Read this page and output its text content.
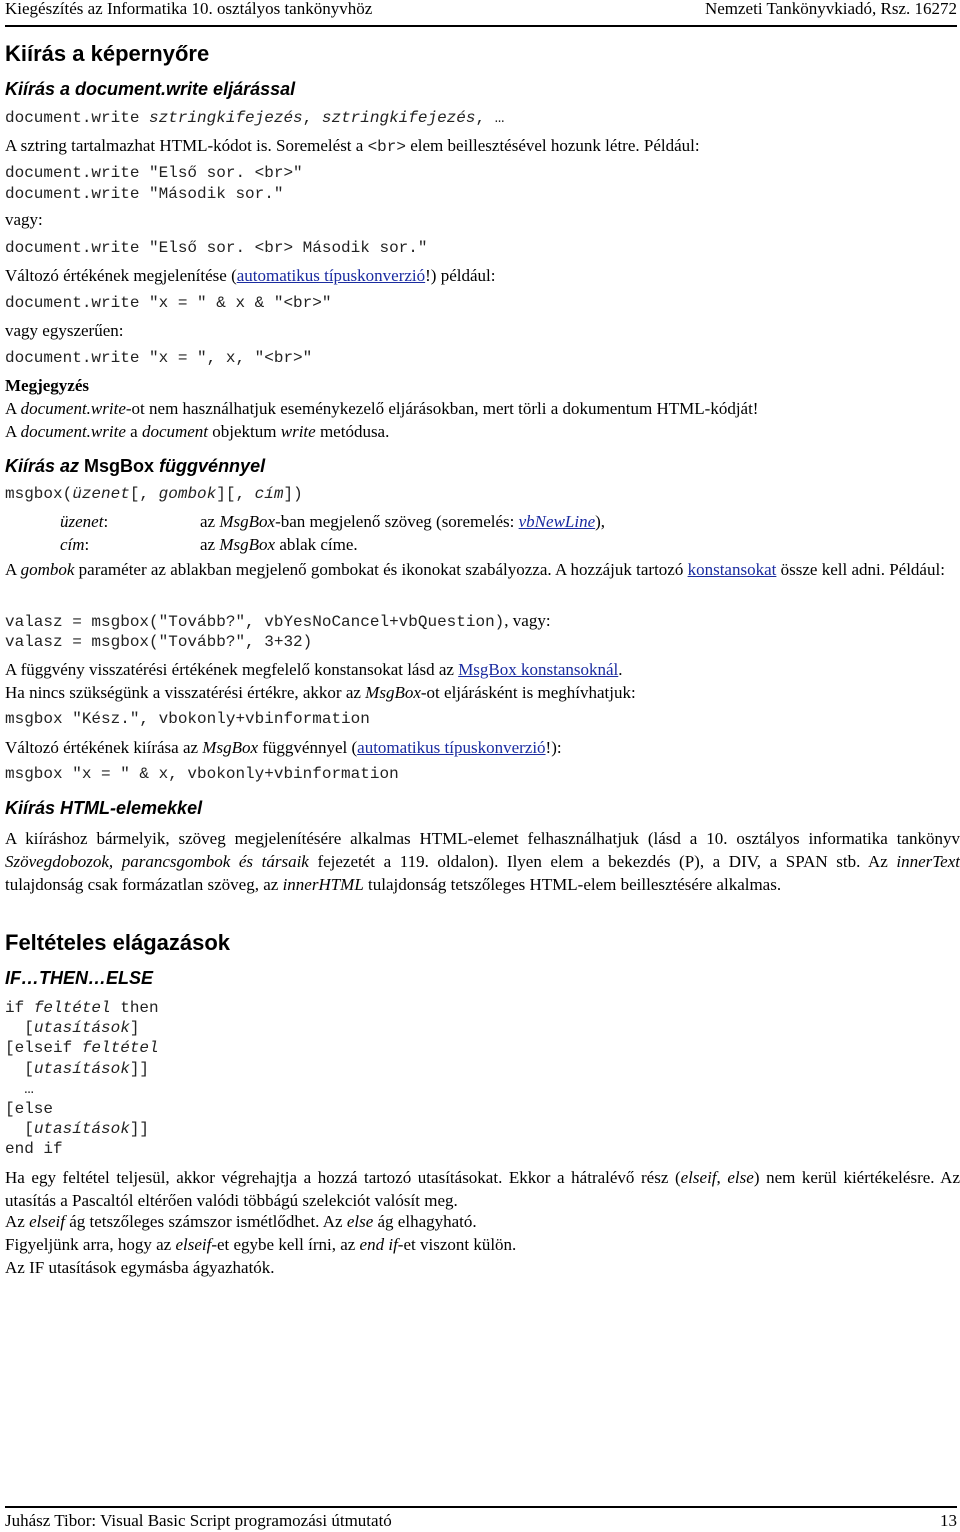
Kiegészítés az Informatika 10. osztályos tankönyvhöz	Nemzeti Tankönyvkiadó, Rsz. 16272
Kiírás a képernyőre
Kiírás a document.write eljárással
document.write sztringkifejezés, sztringkifejezés, …
A sztring tartalmazhat HTML-kódot is. Soremelést a <br> elem beillesztésével hozunk létre. Például:
document.write "Első sor. <br>"
document.write "Második sor."
vagy:
document.write "Első sor. <br> Második sor."
Változó értékének megjelenítése (automatikus típuskonverzió!) például:
document.write "x = " & x & "<br>"
vagy egyszerűen:
document.write "x = ", x, "<br>"
Megjegyzés
A document.write-ot nem használhatjuk eseménykezelő eljárásokban, mert törli a dokumentum HTML-kódját!
A document.write a document objektum write metódusa.
Kiírás az MsgBox függvénnyel
msgbox(üzenet[, gombok][, cím])
üzenet:	az MsgBox-ban megjelenő szöveg (soremelés: vbNewLine),
cím:	az MsgBox ablak címe.
A gombok paraméter az ablakban megjelenő gombokat és ikonokat szabályozza. A hozzájuk tartozó konstansokat össze kell adni. Például:
valasz = msgbox("Tovább?", vbYesNoCancel+vbQuestion), vagy:
valasz = msgbox("Tovább?", 3+32)
A függvény visszatérési értékének megfelelő konstansokat lásd az MsgBox konstansoknál.
Ha nincs szükségünk a visszatérési értékre, akkor az MsgBox-ot eljárásként is meghívhatjuk:
msgbox "Kész.", vbokonly+vbinformation
Változó értékének kiírása az MsgBox függvénnyel (automatikus típuskonverzió!):
msgbox "x = " & x, vbokonly+vbinformation
Kiírás HTML-elemekkel
A kiíráshoz bármelyik, szöveg megjelenítésére alkalmas HTML-elemet felhasználhatjuk (lásd a 10. osztályos informatika tankönyv Szövegdobozok, parancsgombok és társaik fejezetét a 119. oldalon). Ilyen elem a bekezdés (P), a DIV, a SPAN stb. Az innerText tulajdonság csak formázatlan szöveg, az innerHTML tulajdonság tetszőleges HTML-elem beillesztésére alkalmas.
Feltételes elágazások
IF…THEN…ELSE
if feltétel then
[utasítások]
[elseif feltétel
[utasítások]]
…
[else
[utasítások]]
end if
Ha egy feltétel teljesül, akkor végrehajtja a hozzá tartozó utasításokat. Ekkor a hátralévő rész (elseif, else) nem kerül kiértékelésre. Az utasítás a Pascaltól eltérően valódi többágú szelekciót valósít meg.
Az elseif ág tetszőleges számszor ismétlődhet. Az else ág elhagyható.
Figyeljünk arra, hogy az elseif-et egybe kell írni, az end if-et viszont külön.
Az IF utasítások egymásba ágyazhatók.
Juhász Tibor: Visual Basic Script programozási útmutató	13
